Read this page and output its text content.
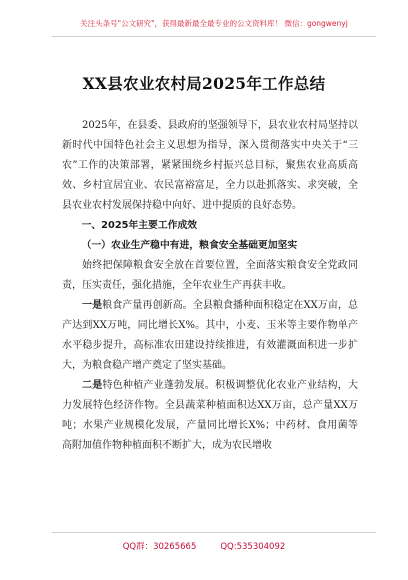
关注头条号"公文研究"，获得最新最全最专业的公文资料库！ 微信：gongwenyj
XX县农业农村局2025年工作总结

2025年，在县委、县政府的坚强领导下，县农业农村局坚持以新时代中国特色社会主义思想为指导，深入贯彻落实中央关于“三农”工作的决策部署，紧紧围绕乡村振兴总目标，聚焦农业高质高效、乡村宜居宜业、农民富裕富足，全力以赴抓落实、求突破，全县农业农村发展保持稳中向好、进中提质的良好态势。

一、2025年主要工作成效
（一）农业生产稳中有进，粮食安全基础更加坚实

始终把保障粮食安全放在首要位置，全面落实粮食安全党政同责，压实责任，强化措施，全年农业生产再获丰收。

一是粮食产量再创新高。全县粮食播种面积稳定在XX万亩，总产达到XX万吨，同比增长X%。其中，小麦、玉米等主要作物单产水平稳步提升，高标准农田建设持续推进，有效灌溉面积进一步扩大，为粮食稳产增产奠定了坚实基础。

二是特色种植产业蓬勃发展。积极调整优化农业产业结构，大力发展特色经济作物。全县蔬菜种植面积达XX万亩，总产量XX万吨；水果产业规模化发展，产量同比增长X%；中药材、食用菌等高附加值作物种植面积不断扩大，成为农民增收

QQ群：30265665	QQ:535304092
